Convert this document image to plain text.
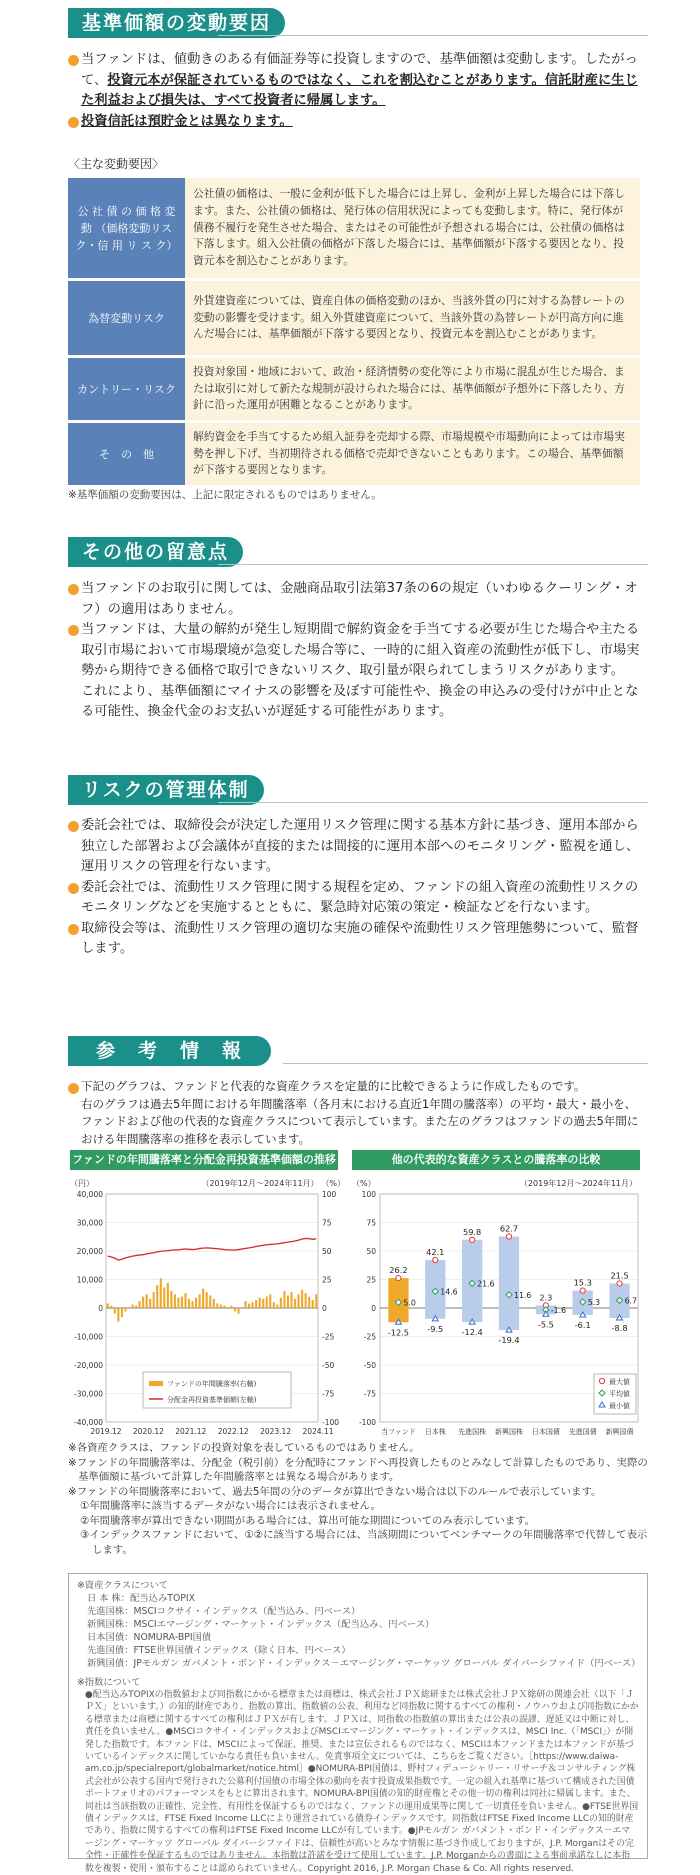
基準価額の変動要因
当ファンドは、値動きのある有価証券等に投資しますので、基準価額は変動します。したがって、投資元本が保証されているものではなく、これを割込むことがあります。信託財産に生じた利益および損失は、すべて投資者に帰属します。
投資信託は預貯金とは異なります。
〈主な変動要因〉
公 社 債 の 価 格 変 動 （価格変動リスク・信 用 リ ス ク）	公社債の価格は、一般に金利が低下した場合には上昇し、金利が上昇した場合には下落します。また、公社債の価格は、発行体の信用状況によっても変動します。特に、発行体が債務不履行を発生させた場合、またはその可能性が予想される場合には、公社債の価格は下落します。組入公社債の価格が下落した場合には、基準価額が下落する要因となり、投資元本を割込むことがあります。
為替変動リスク	外貨建資産については、資産自体の価格変動のほか、当該外貨の円に対する為替レートの変動の影響を受けます。組入外貨建資産について、当該外貨の為替レートが円高方向に進んだ場合には、基準価額が下落する要因となり、投資元本を割込むことがあります。
カントリー・リスク	投資対象国・地域において、政治・経済情勢の変化等により市場に混乱が生じた場合、または取引に対して新たな規制が設けられた場合には、基準価額が予想外に下落したり、方針に沿った運用が困難となることがあります。
そ　の　他	解約資金を手当てするため組入証券を売却する際、市場規模や市場動向によっては市場実勢を押し下げ、当初期待される価格で売却できないこともあります。この場合、基準価額が下落する要因となります。
※基準価額の変動要因は、上記に限定されるものではありません。
その他の留意点
当ファンドのお取引に関しては、金融商品取引法第37条の6の規定（いわゆるクーリング・オフ）の適用はありません。
当ファンドは、大量の解約が発生し短期間で解約資金を手当てする必要が生じた場合や主たる取引市場において市場環境が急変した場合等に、一時的に組入資産の流動性が低下し、市場実勢から期待できる価格で取引できないリスク、取引量が限られてしまうリスクがあります。
これにより、基準価額にマイナスの影響を及ぼす可能性や、換金の申込みの受付けが中止となる可能性、換金代金のお支払いが遅延する可能性があります。
リスクの管理体制
委託会社では、取締役会が決定した運用リスク管理に関する基本方針に基づき、運用本部から独立した部署および会議体が直接的または間接的に運用本部へのモニタリング・監視を通し、運用リスクの管理を行ないます。
委託会社では、流動性リスク管理に関する規程を定め、ファンドの組入資産の流動性リスクのモニタリングなどを実施するとともに、緊急時対応策の策定・検証などを行ないます。
取締役会等は、流動性リスク管理の適切な実施の確保や流動性リスク管理態勢について、監督します。
参　考　情　報
下記のグラフは、ファンドと代表的な資産クラスを定量的に比較できるように作成したものです。
右のグラフは過去5年間における年間騰落率（各月末における直近1年間の騰落率）の平均・最大・最小を、ファンドおよび他の代表的な資産クラスについて表示しています。また左のグラフはファンドの過去5年間における年間騰落率の推移を表示しています。
ファンドの年間騰落率と分配金再投資基準価額の推移	他の代表的な資産クラスとの騰落率の比較
（円）	（%）
（2019年12月～2024年11月）
40,000
30,000
20,000
10,000
0
-10,000
-20,000
-30,000
-40,000
100
75
50
25
0
-25
-50
-75
-100
2019.12 2020.12 2021.12 2022.12 2023.12 2024.11
ファンドの年間騰落率(右軸)
分配金再投資基準価額(左軸)
（%）	（2019年12月～2024年11月）
100
75
50
25
0
-25
-50
-75
-100
26.2
5.0
-12.5
当ファンド
42.1
14.6
-9.5
日本株
59.8
21.6
-12.4
先進国株
62.7
11.6
-19.4
新興国株
2.3
-1.6
-5.5
日本国債
15.3
5.3
-6.1
先進国債
21.5
6.7
-8.8
新興国債
最大値
平均値
最小値
※各資産クラスは、ファンドの投資対象を表しているものではありません。
※ファンドの年間騰落率は、分配金（税引前）を分配時にファンドへ再投資したものとみなして計算したものであり、実際の基準価額に基づいて計算した年間騰落率とは異なる場合があります。
※ファンドの年間騰落率において、過去5年間の分のデータが算出できない場合は以下のルールで表示しています。
①年間騰落率に該当するデータがない場合には表示されません。
②年間騰落率が算出できない期間がある場合には、算出可能な期間についてのみ表示しています。
③インデックスファンドにおいて、①②に該当する場合には、当該期間についてベンチマークの年間騰落率で代替して表示します。

※資産クラスについて

日 本 株：配当込みTOPIX

先進国株：MSCIコクサイ・インデックス（配当込み、円ベース）

新興国株：MSCIエマージング・マーケット・インデックス（配当込み、円ベース）

日本国債：NOMURA-BPI国債

先進国債：FTSE世界国債インデックス（除く日本、円ベース）

新興国債：JPモルガン ガバメント・ボンド・インデックス－エマージング・マーケッツ グローバル ダイバーシファイド（円ベース）

※指数について

●配当込みTOPIXの指数値および同指数にかかる標章または商標は、株式会社ＪＰＸ総研または株式会社ＪＰＸ総研の関連会社（以下「ＪＰＸ」といいます。）の知的財産であり、指数の算出、指数値の公表、利用など同指数に関するすべての権利・ノウハウおよび同指数にかかる標章または商標に関するすべての権利はＪＰＸが有します。ＪＰＸは、同指数の指数値の算出または公表の誤謬、遅延又は中断に対し、責任を負いません。●MSCIコクサイ・インデックスおよびMSCIエマージング・マーケット・インデックスは、MSCI Inc.（「MSCI」）が開発した指数です。本ファンドは、MSCIによって保証、推奨、または宣伝されるものではなく、MSCIは本ファンドまたは本ファンドが基づいているインデックスに関していかなる責任も負いません。免責事項全文については、こちらをご覧ください。［https://www.daiwa-am.co.jp/specialreport/globalmarket/notice.html］●NOMURA-BPI国債は、野村フィデューシャリー・リサーチ＆コンサルティング株式会社が公表する国内で発行された公募利付国債の市場全体の動向を表す投資成果指数です。一定の組入れ基準に基づいて構成された国債ポートフォリオのパフォーマンスをもとに算出されます。NOMURA-BPI国債の知的財産権とその他一切の権利は同社に帰属します。また、同社は当該指数の正確性、完全性、有用性を保証するものではなく、ファンドの運用成果等に関して一切責任を負いません。●FTSE世界国債インデックスは、FTSE Fixed Income LLCにより運営されている債券インデックスです。同指数はFTSE Fixed Income LLCの知的財産であり、指数に関するすべての権利はFTSE Fixed Income LLCが有しています。●JPモルガン ガバメント・ボンド・インデックス－エマージング・マーケッツ グローバル ダイバーシファイドは、信頼性が高いとみなす情報に基づき作成しておりますが、J.P. Morganはその完全性・正確性を保証するものではありません。本指数は許諾を受けて使用しています。J.P. Morganからの書面による事前承諾なしに本指数を複製・使用・頒布することは認められていません。Copyright 2016, J.P. Morgan Chase & Co. All rights reserved.
